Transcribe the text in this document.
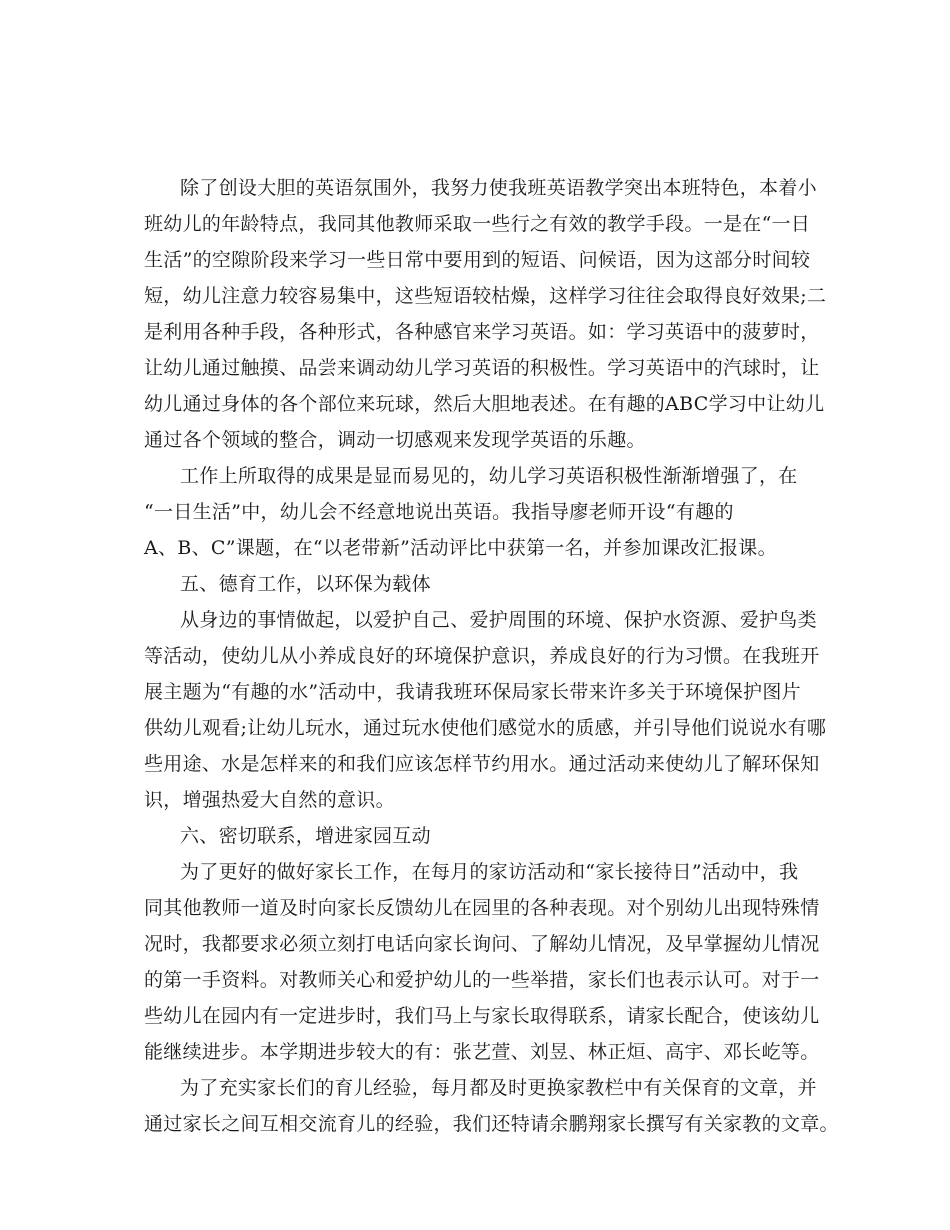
除了创设大胆的英语氛围外，我努力使我班英语教学突出本班特色，本着小
班幼儿的年龄特点，我同其他教师采取一些行之有效的教学手段。一是在“一日
生活”的空隙阶段来学习一些日常中要用到的短语、问候语，因为这部分时间较
短，幼儿注意力较容易集中，这些短语较枯燥，这样学习往往会取得良好效果;二
是利用各种手段，各种形式，各种感官来学习英语。如：学习英语中的菠萝时，
让幼儿通过触摸、品尝来调动幼儿学习英语的积极性。学习英语中的汽球时，让
幼儿通过身体的各个部位来玩球，然后大胆地表述。在有趣的ABC学习中让幼儿
通过各个领域的整合，调动一切感观来发现学英语的乐趣。
工作上所取得的成果是显而易见的，幼儿学习英语积极性渐渐增强了，在
“一日生活”中，幼儿会不经意地说出英语。我指导廖老师开设“有趣的
A、B、C”课题，在“以老带新”活动评比中获第一名，并参加课改汇报课。
五、德育工作，以环保为载体
从身边的事情做起，以爱护自己、爱护周围的环境、保护水资源、爱护鸟类
等活动，使幼儿从小养成良好的环境保护意识，养成良好的行为习惯。在我班开
展主题为“有趣的水”活动中，我请我班环保局家长带来许多关于环境保护图片
供幼儿观看;让幼儿玩水，通过玩水使他们感觉水的质感，并引导他们说说水有哪
些用途、水是怎样来的和我们应该怎样节约用水。通过活动来使幼儿了解环保知
识，增强热爱大自然的意识。
六、密切联系，增进家园互动
为了更好的做好家长工作，在每月的家访活动和“家长接待日”活动中，我
同其他教师一道及时向家长反馈幼儿在园里的各种表现。对个别幼儿出现特殊情
况时，我都要求必须立刻打电话向家长询问、了解幼儿情况，及早掌握幼儿情况
的第一手资料。对教师关心和爱护幼儿的一些举措，家长们也表示认可。对于一
些幼儿在园内有一定进步时，我们马上与家长取得联系，请家长配合，使该幼儿
能继续进步。本学期进步较大的有：张艺萱、刘昱、林正烜、高宇、邓长屹等。
为了充实家长们的育儿经验，每月都及时更换家教栏中有关保育的文章，并
通过家长之间互相交流育儿的经验，我们还特请余鹏翔家长撰写有关家教的文章。
